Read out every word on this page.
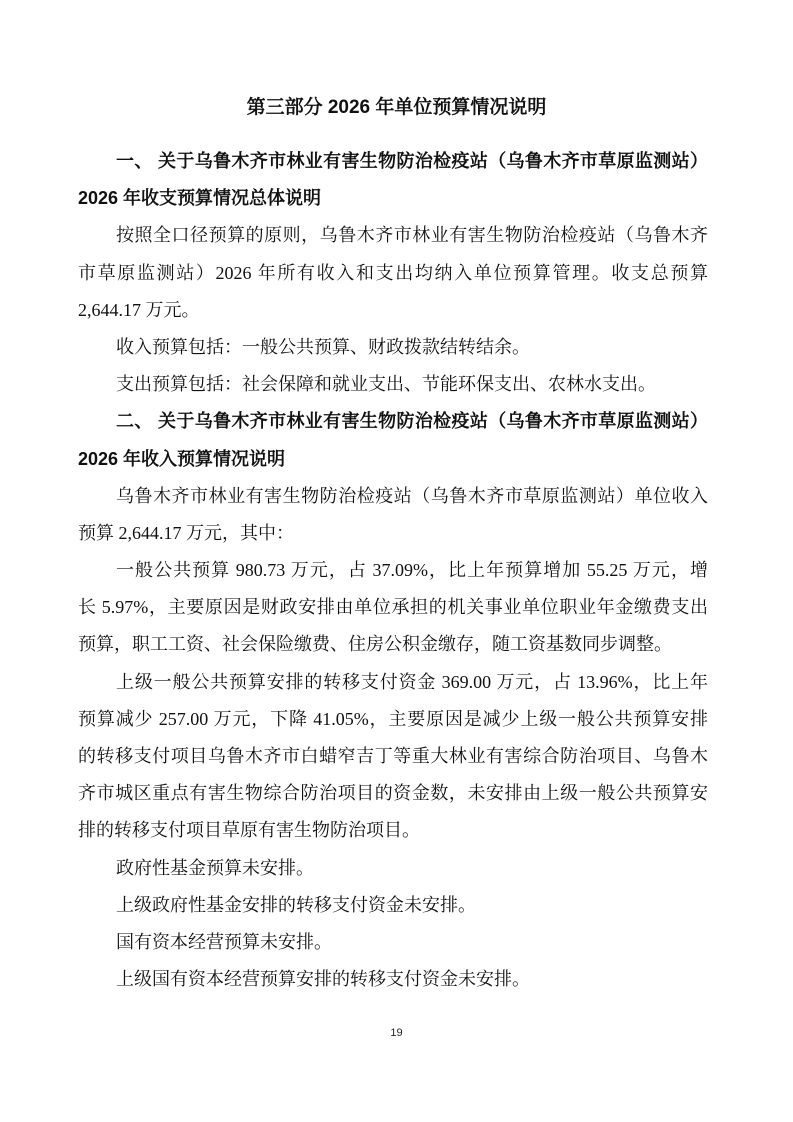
第三部分 2026 年单位预算情况说明
一、 关于乌鲁木齐市林业有害生物防治检疫站（乌鲁木齐市草原监测站）
2026 年收支预算情况总体说明
按照全口径预算的原则，乌鲁木齐市林业有害生物防治检疫站（乌鲁木齐
市草原监测站）2026 年所有收入和支出均纳入单位预算管理。收支总预算
2,644.17 万元。
收入预算包括：一般公共预算、财政拨款结转结余。
支出预算包括：社会保障和就业支出、节能环保支出、农林水支出。
二、 关于乌鲁木齐市林业有害生物防治检疫站（乌鲁木齐市草原监测站）
2026 年收入预算情况说明
乌鲁木齐市林业有害生物防治检疫站（乌鲁木齐市草原监测站）单位收入
预算 2,644.17 万元，其中：
一般公共预算 980.73 万元，占 37.09%，比上年预算增加 55.25 万元，增
长 5.97%，主要原因是财政安排由单位承担的机关事业单位职业年金缴费支出
预算，职工工资、社会保险缴费、住房公积金缴存，随工资基数同步调整。
上级一般公共预算安排的转移支付资金 369.00 万元，占 13.96%，比上年
预算减少 257.00 万元，下降 41.05%，主要原因是减少上级一般公共预算安排
的转移支付项目乌鲁木齐市白蜡窄吉丁等重大林业有害综合防治项目、乌鲁木
齐市城区重点有害生物综合防治项目的资金数，未安排由上级一般公共预算安
排的转移支付项目草原有害生物防治项目。
政府性基金预算未安排。
上级政府性基金安排的转移支付资金未安排。
国有资本经营预算未安排。
上级国有资本经营预算安排的转移支付资金未安排。
19
